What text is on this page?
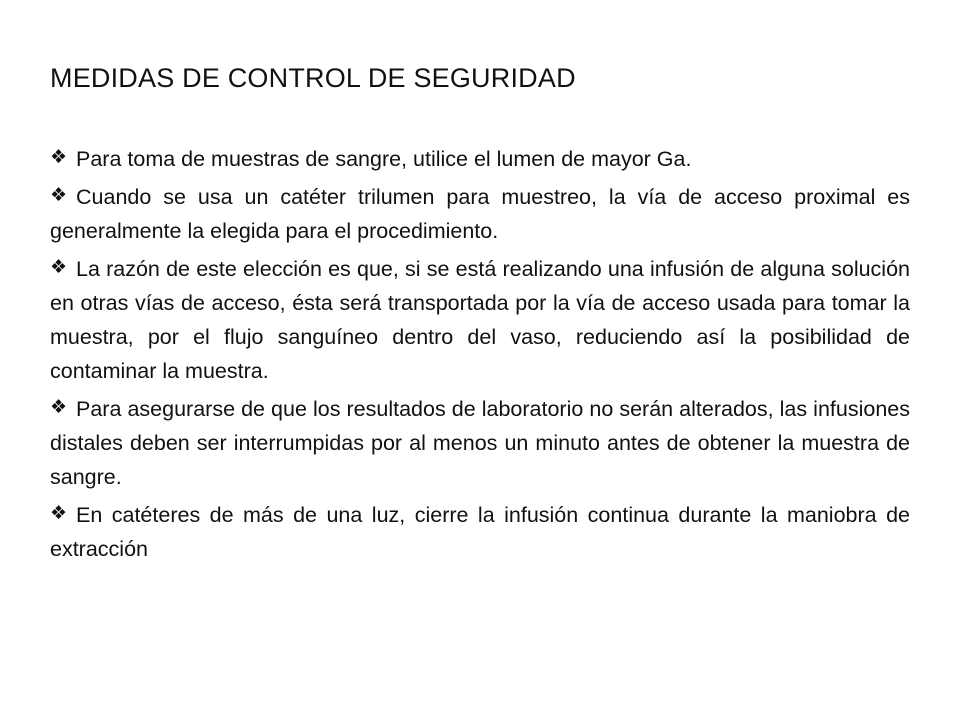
MEDIDAS DE CONTROL DE SEGURIDAD
❖ Para toma de muestras de sangre, utilice el lumen de mayor Ga.
❖ Cuando se usa un catéter trilumen para muestreo, la vía de acceso proximal es generalmente la elegida para el procedimiento.
❖ La razón de este elección es que, si se está realizando una infusión de alguna solución en otras vías de acceso, ésta será transportada por la vía de acceso usada para tomar la muestra, por el flujo sanguíneo dentro del vaso, reduciendo así la posibilidad de contaminar la muestra.
❖ Para asegurarse de que los resultados de laboratorio no serán alterados, las infusiones distales deben ser interrumpidas por al menos un minuto antes de obtener la muestra de sangre.
❖ En catéteres de más de una luz, cierre la infusión continua durante la maniobra de extracción
